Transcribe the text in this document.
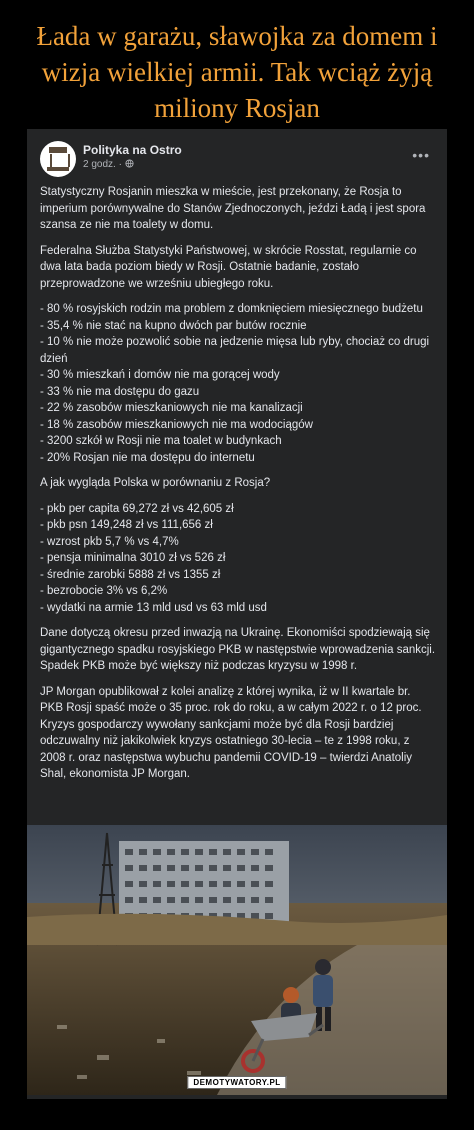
Łada w garażu, sławojka za domem i
wizja wielkiej armii. Tak wciąż żyją
miliony Rosjan
Polityka na Ostro
2 godz. ·
•••

Statystyczny Rosjanin mieszka w mieście, jest przekonany, że Rosja to imperium porównywalne do Stanów Zjednoczonych, jeździ Ładą i jest spora szansa ze nie ma toalety w domu.

Federalna Służba Statystyki Państwowej, w skrócie Rosstat, regularnie co dwa lata bada poziom biedy w Rosji. Ostatnie badanie, zostało przeprowadzone we wrześniu ubiegłego roku.

- 80 % rosyjskich rodzin ma problem z domknięciem miesięcznego budżetu
- 35,4 % nie stać na kupno dwóch par butów rocznie
- 10 % nie może pozwolić sobie na jedzenie mięsa lub ryby, chociaż co drugi dzień
- 30 % mieszkań i domów nie ma gorącej wody
- 33 % nie ma dostępu do gazu
- 22 % zasobów mieszkaniowych nie ma kanalizacji
- 18 % zasobów mieszkaniowych nie ma wodociągów
- 3200 szkół w Rosji nie ma toalet w budynkach
- 20% Rosjan nie ma dostępu do internetu

A jak wygląda Polska w porównaniu z Rosja?

- pkb per capita 69,272 zł vs 42,605 zł
- pkb psn 149,248 zł vs 111,656 zł
- wzrost pkb 5,7 % vs 4,7%
- pensja minimalna 3010 zł vs 526 zł
- średnie zarobki 5888 zł vs 1355 zł
- bezrobocie 3% vs 6,2%
- wydatki na armie 13 mld usd vs 63 mld usd

Dane dotyczą okresu przed inwazją na Ukrainę. Ekonomiści spodziewają się gigantycznego spadku rosyjskiego PKB w następstwie wprowadzenia sankcji. Spadek PKB może być większy niż podczas kryzysu w 1998 r.

JP Morgan opublikował z kolei analizę z której wynika, iż w II kwartale br. PKB Rosji spaść może o 35 proc. rok do roku, a w całym 2022 r. o 12 proc. Kryzys gospodarczy wywołany sankcjami może być dla Rosji bardziej odczuwalny niż jakikolwiek kryzys ostatniego 30-lecia – te z 1998 roku, z 2008 r. oraz następstwa wybuchu pandemii COVID-19 – twierdzi Anatoliy Shal, ekonomista JP Morgan.

DEMOTYWATORY.PL
